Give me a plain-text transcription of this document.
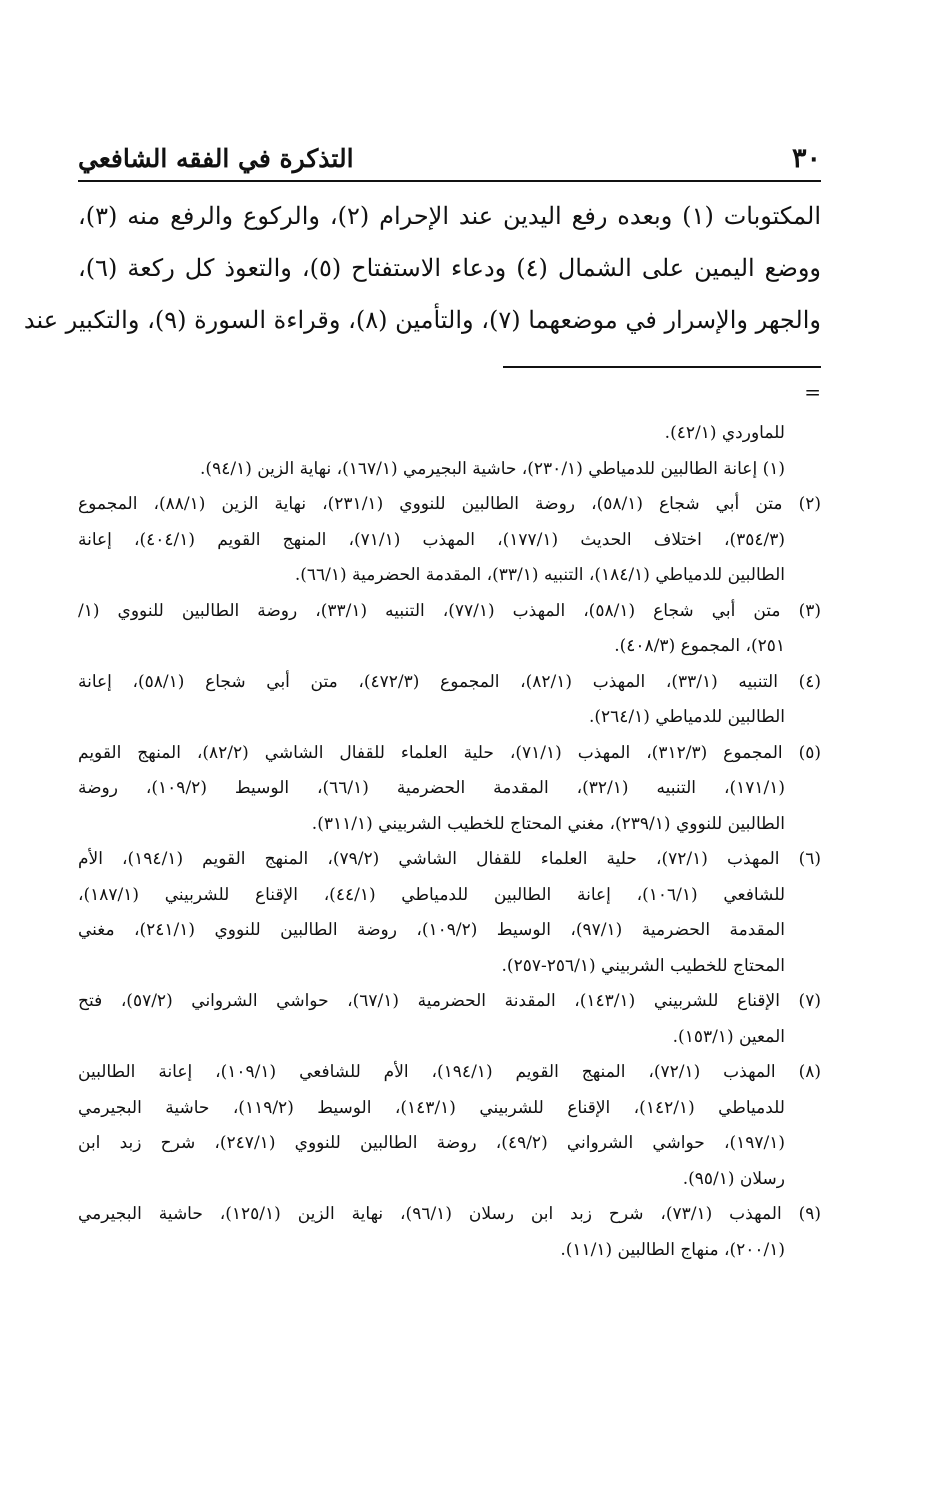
٣٠
التذكرة في الفقه الشافعي
المكتوبات (١) وبعده رفع اليدين عند الإحرام (٢)، والركوع والرفع منه (٣)،
ووضع اليمين على الشمال (٤) ودعاء الاستفتاح (٥)، والتعوذ كل ركعة (٦)،
والجهر والإسرار في موضعهما (٧)، والتأمين (٨)، وقراءة السورة (٩)، والتكبير عند
=
للماوردي (٤٢/١).
(١) إعانة الطالبين للدمياطي (٢٣٠/١)، حاشية البجيرمي (١٦٧/١)، نهاية الزين (٩٤/١).
(٢) متن أبي شجاع (٥٨/١)، روضة الطالبين للنووي (٢٣١/١)، نهاية الزين (٨٨/١)، المجموع
(٣٥٤/٣)، اختلاف الحديث (١٧٧/١)، المهذب (٧١/١)، المنهج القويم (٤٠٤/١)، إعانة
الطالبين للدمياطي (١٨٤/١)، التنبيه (٣٣/١)، المقدمة الحضرمية (٦٦/١).
(٣) متن أبي شجاع (٥٨/١)، المهذب (٧٧/١)، التنبيه (٣٣/١)، روضة الطالبين للنووي (١/
٢٥١)، المجموع (٤٠٨/٣).
(٤) التنبيه (٣٣/١)، المهذب (٨٢/١)، المجموع (٤٧٢/٣)، متن أبي شجاع (٥٨/١)، إعانة
الطالبين للدمياطي (٢٦٤/١).
(٥) المجموع (٣١٢/٣)، المهذب (٧١/١)، حلية العلماء للقفال الشاشي (٨٢/٢)، المنهج القويم
(١٧١/١)، التنبيه (٣٢/١)، المقدمة الحضرمية (٦٦/١)، الوسيط (١٠٩/٢)، روضة
الطالبين للنووي (٢٣٩/١)، مغني المحتاج للخطيب الشربيني (٣١١/١).
(٦) المهذب (٧٢/١)، حلية العلماء للقفال الشاشي (٧٩/٢)، المنهج القويم (١٩٤/١)، الأم
للشافعي (١٠٦/١)، إعانة الطالبين للدمياطي (٤٤/١)، الإقناع للشربيني (١٨٧/١)،
المقدمة الحضرمية (٩٧/١)، الوسيط (١٠٩/٢)، روضة الطالبين للنووي (٢٤١/١)، مغني
المحتاج للخطيب الشربيني (٢٥٦/١-٢٥٧).
(٧) الإقناع للشربيني (١٤٣/١)، المقدنة الحضرمية (٦٧/١)، حواشي الشرواني (٥٧/٢)، فتح
المعين (١٥٣/١).
(٨) المهذب (٧٢/١)، المنهج القويم (١٩٤/١)، الأم للشافعي (١٠٩/١)، إعانة الطالبين
للدمياطي (١٤٢/١)، الإقناع للشربيني (١٤٣/١)، الوسيط (١١٩/٢)، حاشية البجيرمي
(١٩٧/١)، حواشي الشرواني (٤٩/٢)، روضة الطالبين للنووي (٢٤٧/١)، شرح زبد ابن
رسلان (٩٥/١).
(٩) المهذب (٧٣/١)، شرح زبد ابن رسلان (٩٦/١)، نهاية الزين (١٢٥/١)، حاشية البجيرمي
(٢٠٠/١)، منهاج الطالبين (١١/١).
